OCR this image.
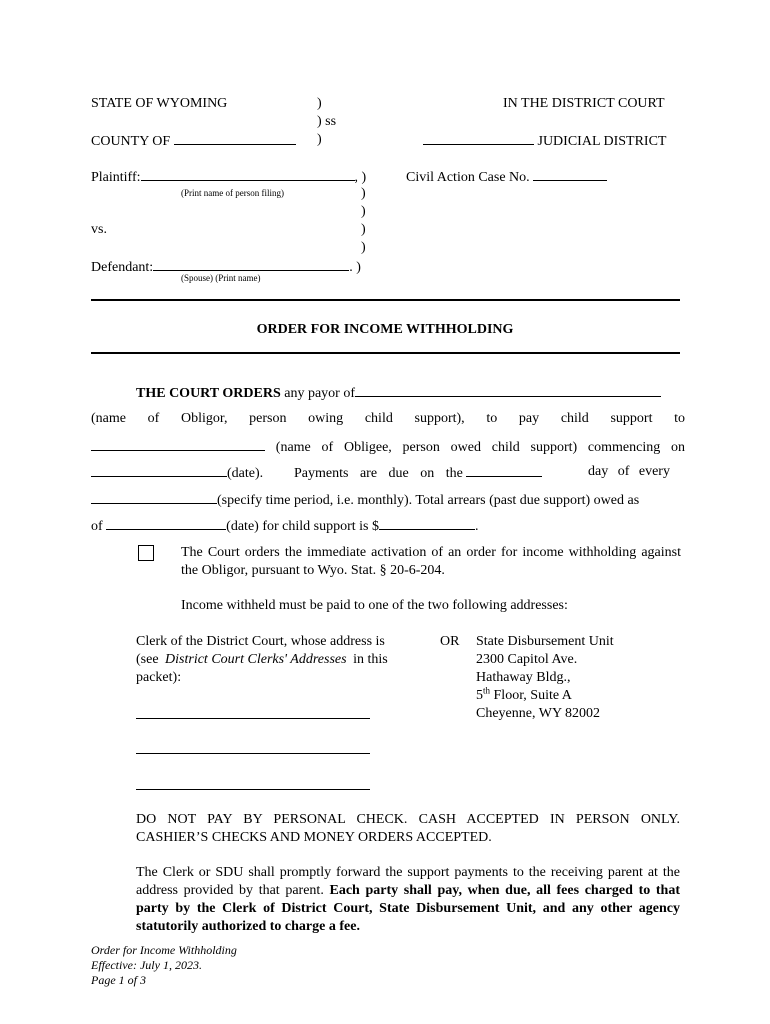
STATE OF WYOMING	)
) ss
)
IN THE DISTRICT COURT
COUNTY OF	JUDICIAL DISTRICT
Plaintiff:	, )
(Print name of person filing)
Civil Action Case No.
)
)
)
)
vs.
Defendant:	. )
(Spouse) (Print name)
ORDER FOR INCOME WITHHOLDING
THE COURT ORDERS any payor of
(name of Obligor, person owing child support), to pay child support to
(name of Obligee, person owed child support) commencing on
(date). Payments are due on the	day of every
(specify time period, i.e. monthly). Total arrears (past due support) owed as
of	(date) for child support is $	.
The Court orders the immediate activation of an order for income withholding against the Obligor, pursuant to Wyo. Stat. § 20-6-204.
Income withheld must be paid to one of the two following addresses:
Clerk of the District Court, whose address is
(see District Court Clerks' Addresses in this
packet):
OR State Disbursement Unit
2300 Capitol Ave.
Hathaway Bldg.,
5th Floor, Suite A
Cheyenne, WY 82002
DO NOT PAY BY PERSONAL CHECK. CASH ACCEPTED IN PERSON ONLY.
CASHIER’S CHECKS AND MONEY ORDERS ACCEPTED.
The Clerk or SDU shall promptly forward the support payments to the receiving parent at the address provided by that parent. Each party shall pay, when due, all fees charged to that party by the Clerk of District Court, State Disbursement Unit, and any other agency statutorily authorized to charge a fee.
Order for Income Withholding
Effective: July 1, 2023.
Page 1 of 3
